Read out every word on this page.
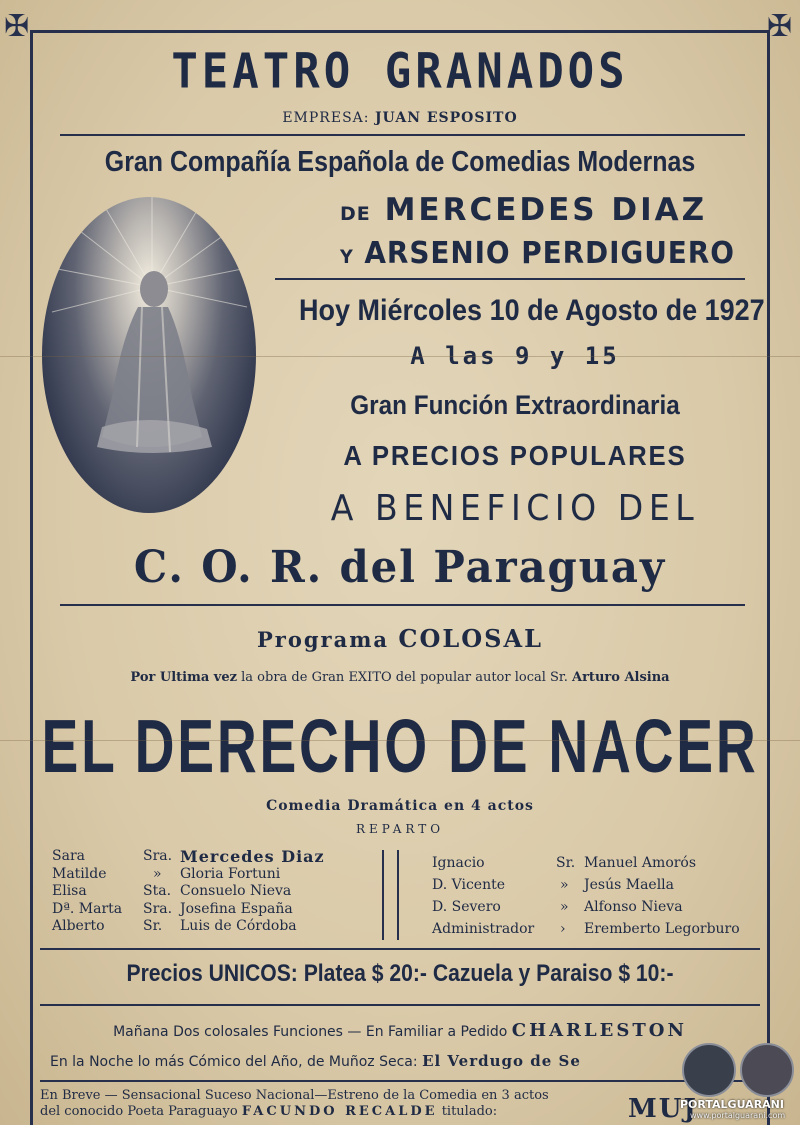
✠	✠
TEATRO GRANADOS
EMPRESA: JUAN ESPOSITO
Gran Compañía Española de Comedias Modernas
DE MERCEDES DIAZ
Y ARSENIO PERDIGUERO
Hoy Miércoles 10 de Agosto de 1927
A las 9 y 15
Gran Función Extraordinaria
A PRECIOS POPULARES
A BENEFICIO DEL
C. O. R. del Paraguay
Programa COLOSAL
Por Ultima vez la obra de Gran EXITO del popular autor local Sr. Arturo Alsina
EL DERECHO DE NACER
Comedia Dramática en 4 actos
REPARTO
Sara
Matilde
Elisa
Dª. Marta
Alberto
Sra.
»
Sta.
Sra.
Sr.
Mercedes Diaz
Gloria Fortuni
Consuelo Nieva
Josefina España
Luis de Córdoba
Ignacio
D. Vicente
D. Severo
Administrador
Sr.
»
»
›
Manuel Amorós
Jesús Maella
Alfonso Nieva
Eremberto Legorburo
Precios UNICOS: Platea $ 20:- Cazuela y Paraiso $ 10:-
Mañana Dos colosales Funciones — En Familiar a Pedido CHARLESTON
En la Noche lo más Cómico del Año, de Muñoz Seca: El Verdugo de Se
En Breve — Sensacional Suceso Nacional—Estreno de la Comedia en 3 actos
del conocido Poeta Paraguayo FACUNDO RECALDE titulado:	MUJ
PORTALGUARANI
www.portalguarani.com
